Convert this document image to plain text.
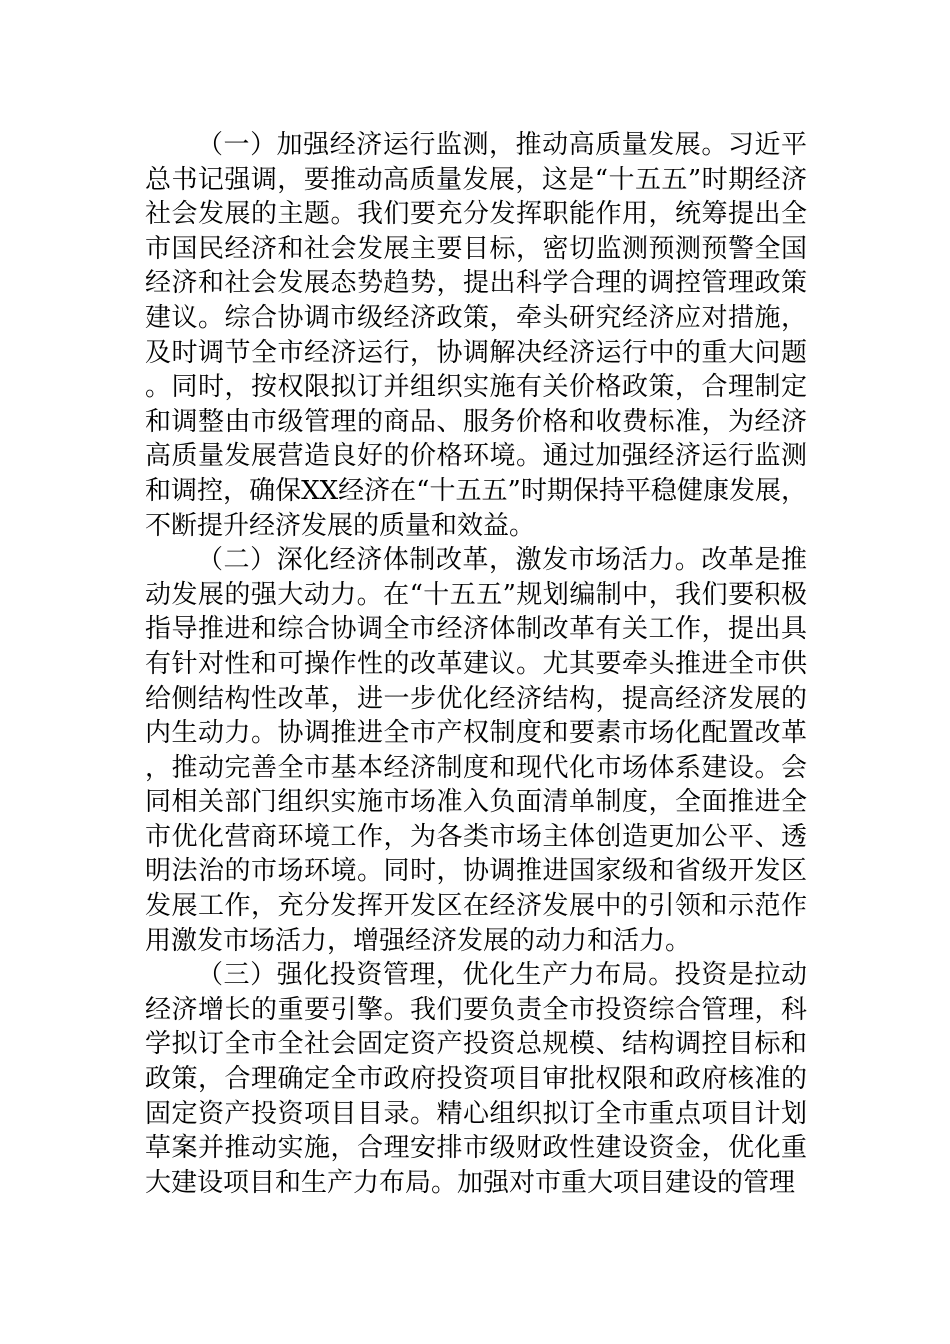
（一）加强经济运行监测，推动高质量发展。习近平总书记强调，要推动高质量发展，这是“十五五”时期经济社会发展的主题。我们要充分发挥职能作用，统筹提出全市国民经济和社会发展主要目标，密切监测预测预警全国经济和社会发展态势趋势，提出科学合理的调控管理政策建议。综合协调市级经济政策，牵头研究经济应对措施，及时调节全市经济运行，协调解决经济运行中的重大问题。同时，按权限拟订并组织实施有关价格政策，合理制定和调整由市级管理的商品、服务价格和收费标准，为经济高质量发展营造良好的价格环境。通过加强经济运行监测和调控，确保XX经济在“十五五”时期保持平稳健康发展，不断提升经济发展的质量和效益。

（二）深化经济体制改革，激发市场活力。改革是推动发展的强大动力。在“十五五”规划编制中，我们要积极指导推进和综合协调全市经济体制改革有关工作，提出具有针对性和可操作性的改革建议。尤其要牵头推进全市供给侧结构性改革，进一步优化经济结构，提高经济发展的内生动力。协调推进全市产权制度和要素市场化配置改革，推动完善全市基本经济制度和现代化市场体系建设。会同相关部门组织实施市场准入负面清单制度，全面推进全市优化营商环境工作，为各类市场主体创造更加公平、透明法治的市场环境。同时，协调推进国家级和省级开发区发展工作，充分发挥开发区在经济发展中的引领和示范作用激发市场活力，增强经济发展的动力和活力。

（三）强化投资管理，优化生产力布局。投资是拉动经济增长的重要引擎。我们要负责全市投资综合管理，科学拟订全市全社会固定资产投资总规模、结构调控目标和政策，合理确定全市政府投资项目审批权限和政府核准的固定资产投资项目目录。精心组织拟订全市重点项目计划草案并推动实施，合理安排市级财政性建设资金，优化重大建设项目和生产力布局。加强对市重大项目建设的管理
